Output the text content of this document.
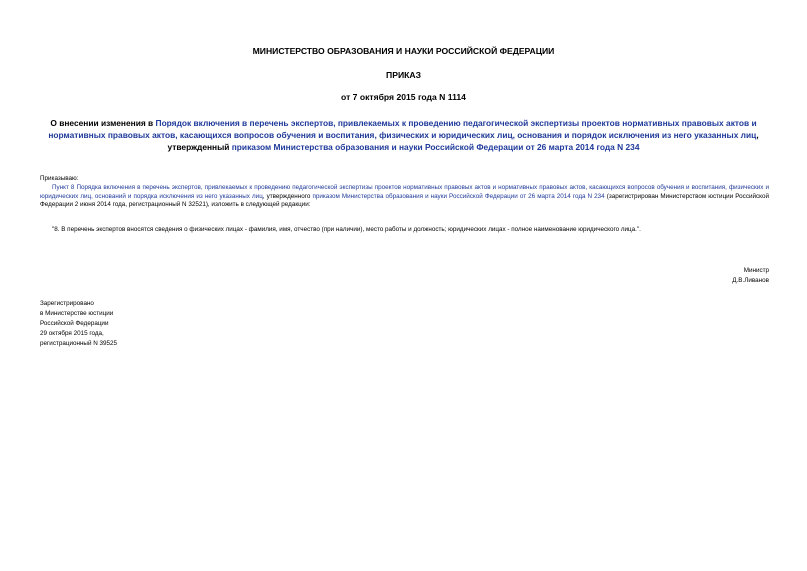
МИНИСТЕРСТВО ОБРАЗОВАНИЯ И НАУКИ РОССИЙСКОЙ ФЕДЕРАЦИИ
ПРИКАЗ
от 7 октября 2015 года N 1114
О внесении изменения в Порядок включения в перечень экспертов, привлекаемых к проведению педагогической экспертизы проектов нормативных правовых актов и нормативных правовых актов, касающихся вопросов обучения и воспитания, физических и юридических лиц, основания и порядок исключения из него указанных лиц, утвержденный приказом Министерства образования и науки Российской Федерации от 26 марта 2014 года N 234
Приказываю:
Пункт 8 Порядка включения в перечень экспертов, привлекаемых к проведению педагогической экспертизы проектов нормативных правовых актов и нормативных правовых актов, касающихся вопросов обучения и воспитания, физических и юридических лиц, оснований и порядка исключения из него указанных лиц, утвержденного приказом Министерства образования и науки Российской Федерации от 26 марта 2014 года N 234 (зарегистрирован Министерством юстиции Российской Федерации 2 июня 2014 года, регистрационный N 32521), изложить в следующей редакции:
"8. В перечень экспертов вносятся сведения о физических лицах - фамилия, имя, отчество (при наличии), место работы и должность; юридических лицах - полное наименование юридического лица.".
Министр
Д.В.Ливанов
Зарегистрировано
в Министерстве юстиции
Российской Федерации
29 октября 2015 года,
регистрационный N 39525
